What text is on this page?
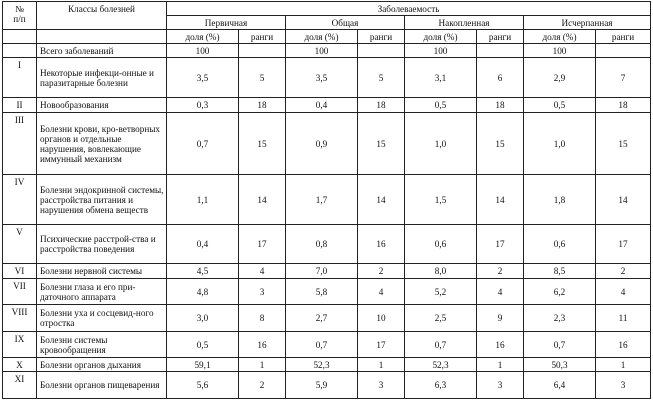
№
п/п	Классы болезней	Заболеваемость							
		Первичная		Общая		Накопленная		Исчерпанная	
		доля (%)	ранги	доля (%)	ранги	доля (%)	ранги	доля (%)	ранги
	Всего заболеваний	100		100		100		100	
I	Некоторые инфекци-онные и паразитарные болезни	3,5	5	3,5	5	3,1	6	2,9	7
II	Новообразования	0,3	18	0,4	18	0,5	18	0,5	18
III	Болезни крови, кро-ветворных органов и отдельные нарушения, вовлекающие иммунный механизм	0,7	15	0,9	15	1,0	15	1,0	15
IV	Болезни эндокринной системы, расстройства питания и нарушения обмена веществ	1,1	14	1,7	14	1,5	14	1,8	14
V	Психические расстрой-ства и расстройства поведения	0,4	17	0,8	16	0,6	17	0,6	17
VI	Болезни нервной системы	4,5	4	7,0	2	8,0	2	8,5	2
VII	Болезни глаза и его при-даточного аппарата	4,8	3	5,8	4	5,2	4	6,2	4
VIII	Болезни уха и сосцевид-ного отростка	3,0	8	2,7	10	2,5	9	2,3	11
IX	Болезни системы кровообращения	0,5	16	0,7	17	0,7	16	0,7	16
X	Болезни органов дыхания	59,1	1	52,3	1	52,3	1	50,3	1
XI	Болезни органов пищеварения	5,6	2	5,9	3	6,3	3	6,4	3
